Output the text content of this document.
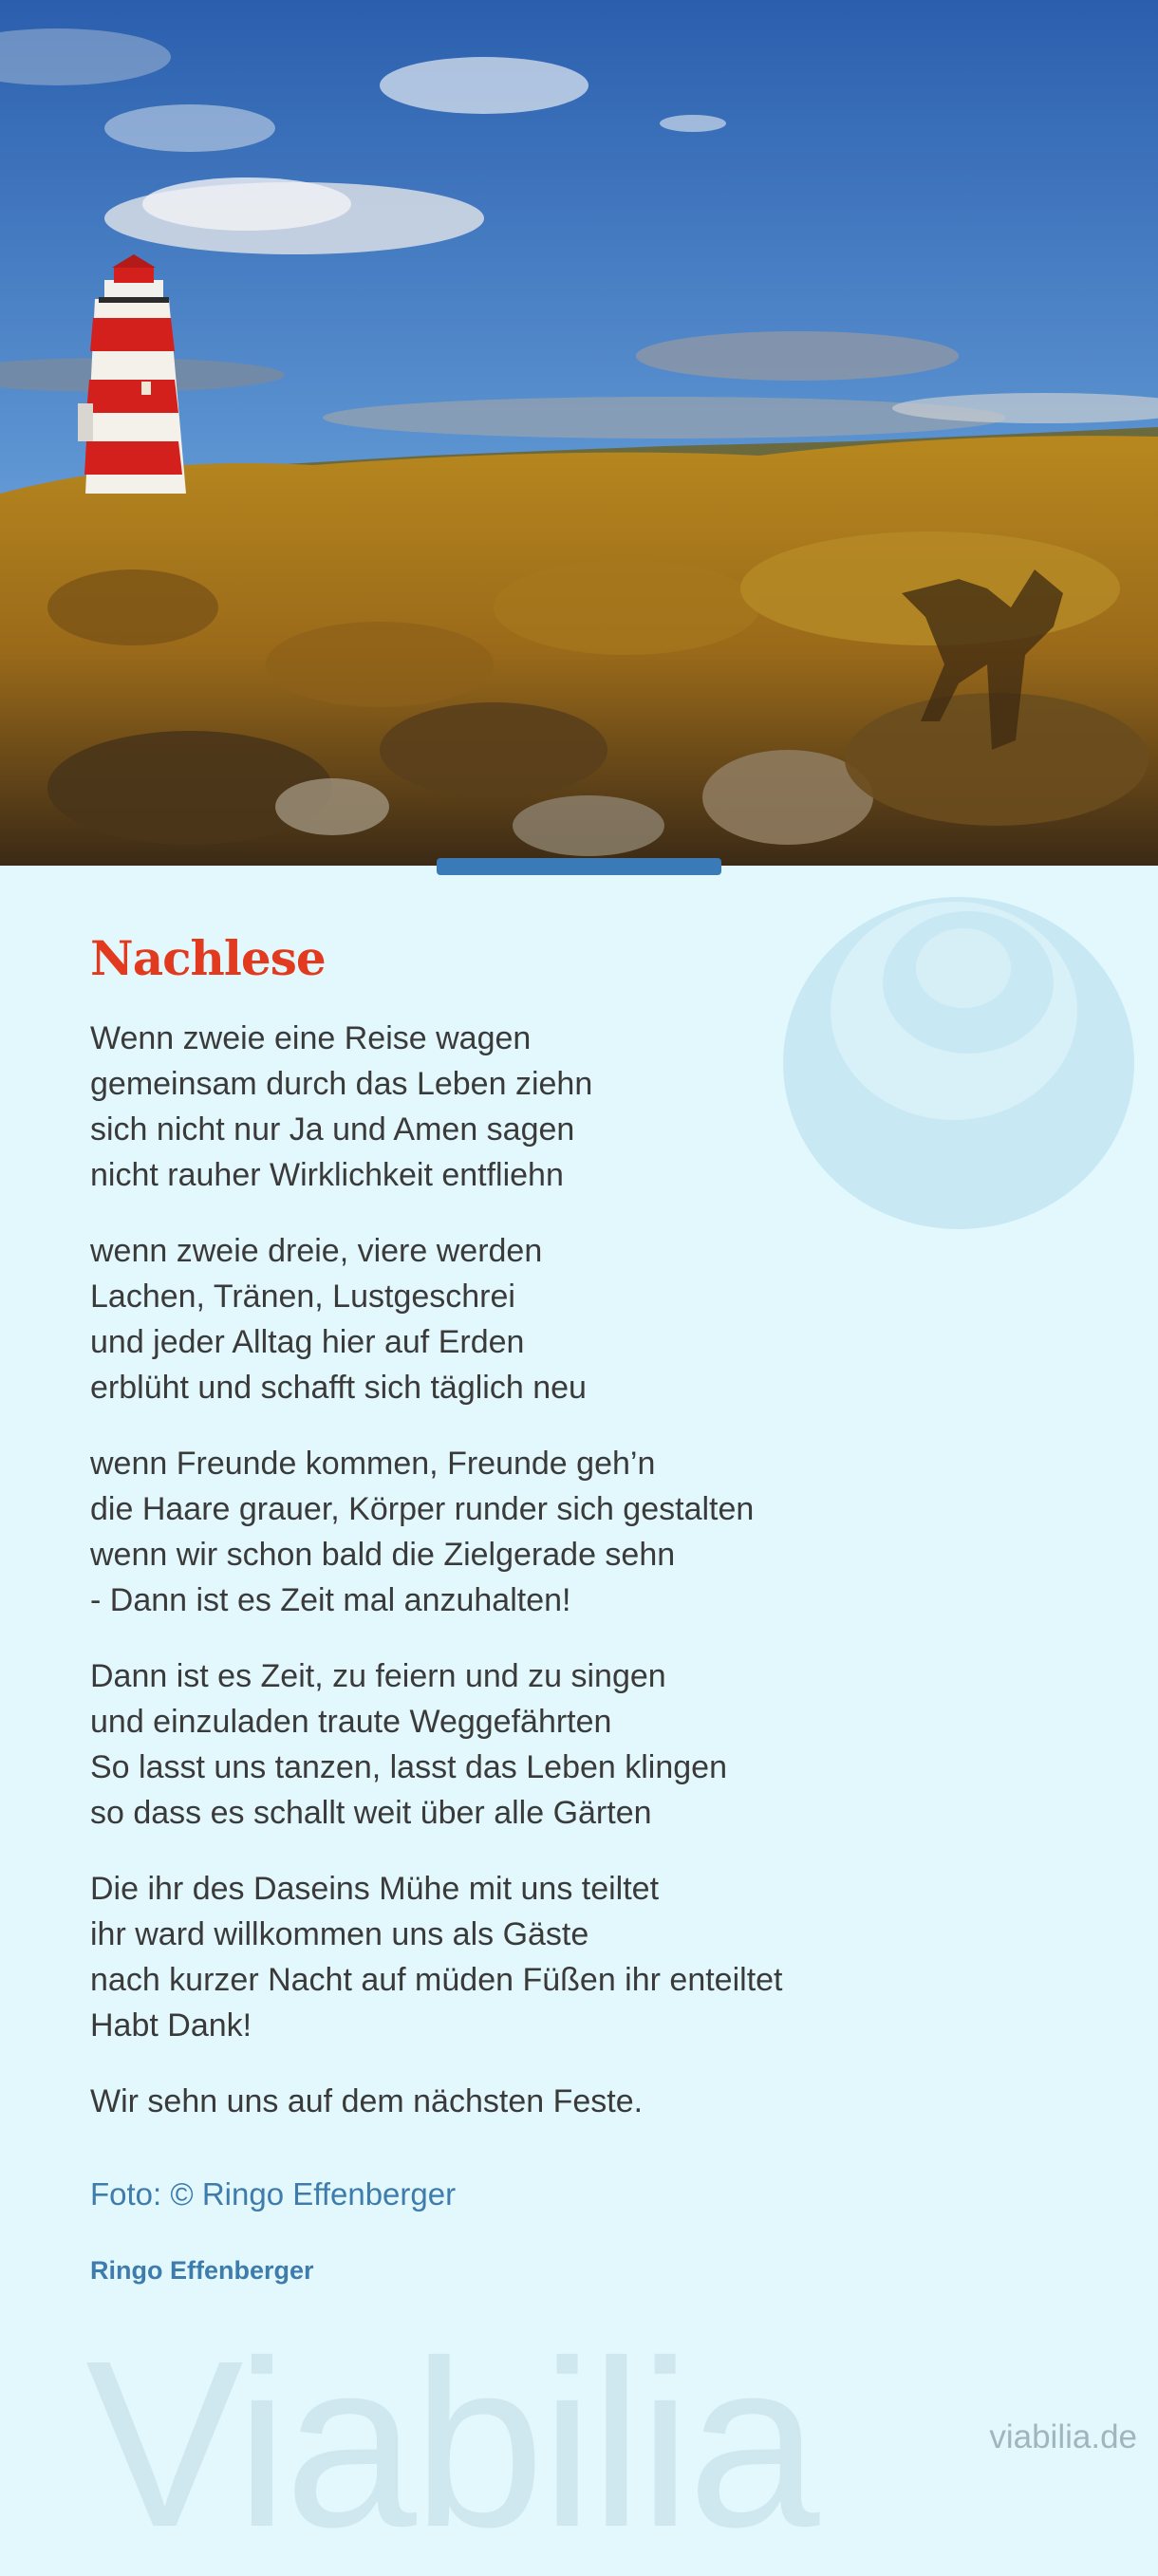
Nachlese
Wenn zweie eine Reise wagen
gemeinsam durch das Leben ziehn
sich nicht nur Ja und Amen sagen
nicht rauher Wirklichkeit entfliehn
wenn zweie dreie, viere werden
Lachen, Tränen, Lustgeschrei
und jeder Alltag hier auf Erden
erblüht und schafft sich täglich neu
wenn Freunde kommen, Freunde geh’n
die Haare grauer, Körper runder sich gestalten
wenn wir schon bald die Zielgerade sehn
- Dann ist es Zeit mal anzuhalten!
Dann ist es Zeit, zu feiern und zu singen
und einzuladen traute Weggefährten
So lasst uns tanzen, lasst das Leben klingen
so dass es schallt weit über alle Gärten
Die ihr des Daseins Mühe mit uns teiltet
ihr ward willkommen uns als Gäste
nach kurzer Nacht auf müden Füßen ihr enteiltet
Habt Dank!
Wir sehn uns auf dem nächsten Feste.
Foto: © Ringo Effenberger
Ringo Effenberger
Viabilia	viabilia.de
